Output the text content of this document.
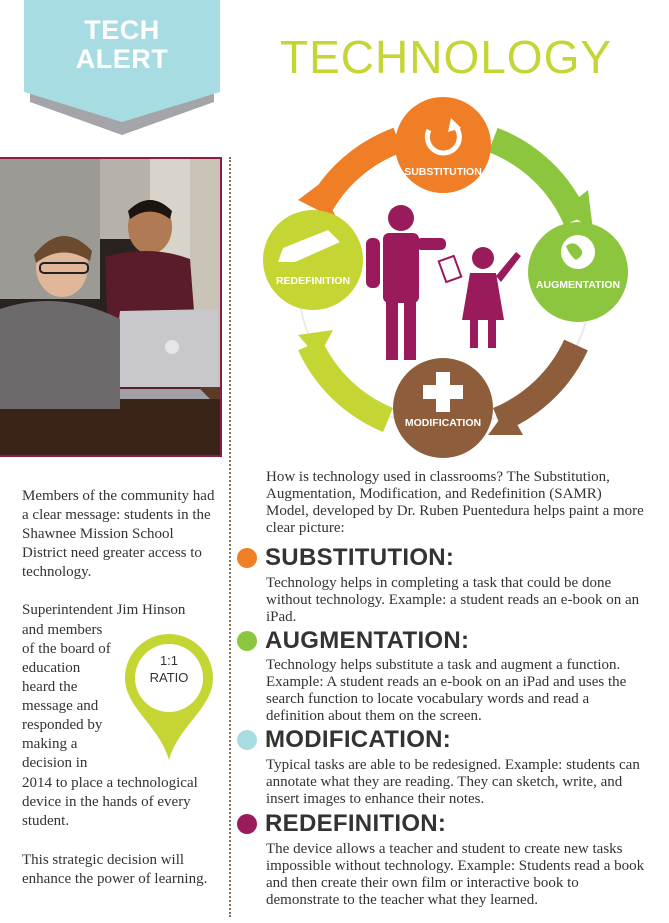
TECH
ALERT	TECHNOLOGY
SUBSTITUTION
AUGMENTATION
MODIFICATION
REDEFINITION
Members of the community had a clear message: students in the Shawnee Mission School District need greater access to technology.
Superintendent Jim Hinson
and members of the board of education heard the message and responded by making a decision in
2014 to place a technological device in the hands of every student.
This strategic decision will enhance the power of learning.
1:1
RATIO
How is technology used in classrooms? The Substitution, Augmentation, Modification, and Redefinition (SAMR) Model, developed by Dr. Ruben Puentedura helps paint a more clear picture:
SUBSTITUTION:
Technology helps in completing a task that could be done without technology. Example: a student reads an e-book on an iPad.
AUGMENTATION:
Technology helps substitute a task and augment a function. Example: A student reads an e-book on an iPad and uses the search function to locate vocabulary words and read a definition about them on the screen.
MODIFICATION:
Typical tasks are able to be redesigned. Example: students can annotate what they are reading. They can sketch, write, and insert images to enhance their notes.
REDEFINITION:
The device allows a teacher and student to create new tasks impossible without technology. Example: Students read a book and then create their own film or interactive book to demonstrate to the teacher what they learned.
